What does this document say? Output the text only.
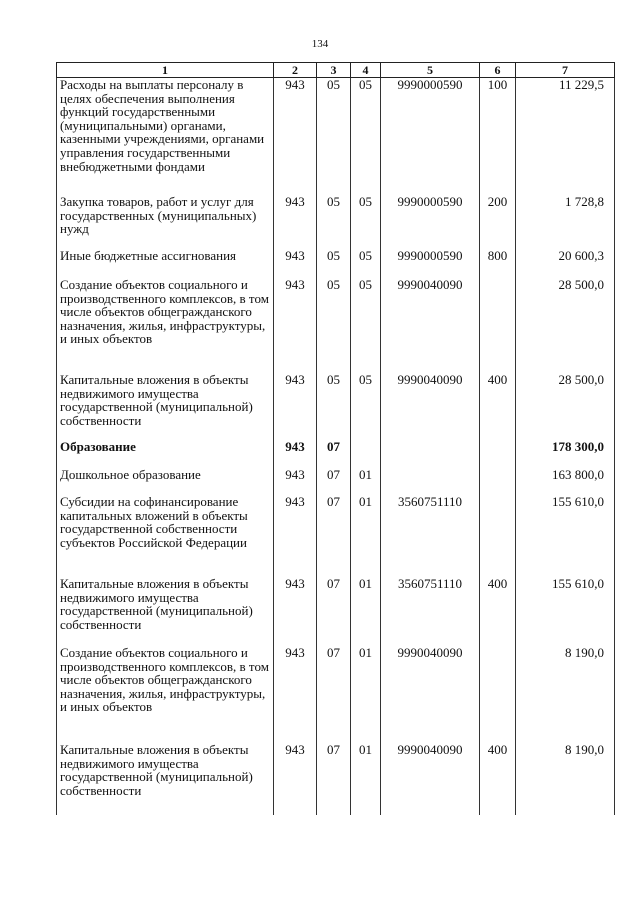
134
1	2	3	4	5	6	7
Расходы на выплаты персоналу в целях обеспечения выполнения функций государственными (муниципальными) органами, казенными учреждениями, органами управления государственными внебюджетными фондами	943	05	05	9990000590	100	11 229,5
Закупка товаров, работ и услуг для государственных (муниципальных) нужд	943	05	05	9990000590	200	1 728,8
Иные бюджетные ассигнования	943	05	05	9990000590	800	20 600,3
Создание объектов социального и производственного комплексов, в том числе объектов общегражданского назначения, жилья, инфраструктуры, и иных объектов	943	05	05	9990040090		28 500,0
Капитальные вложения в объекты недвижимого имущества государственной (муниципальной) собственности	943	05	05	9990040090	400	28 500,0
Образование	943	07				178 300,0
Дошкольное образование	943	07	01			163 800,0
Субсидии на софинансирование капитальных вложений в объекты государственной собственности субъектов Российской Федерации	943	07	01	3560751110		155 610,0
Капитальные вложения в объекты недвижимого имущества государственной (муниципальной) собственности	943	07	01	3560751110	400	155 610,0
Создание объектов социального и производственного комплексов, в том числе объектов общегражданского назначения, жилья, инфраструктуры, и иных объектов	943	07	01	9990040090		8 190,0
Капитальные вложения в объекты недвижимого имущества государственной (муниципальной) собственности	943	07	01	9990040090	400	8 190,0
